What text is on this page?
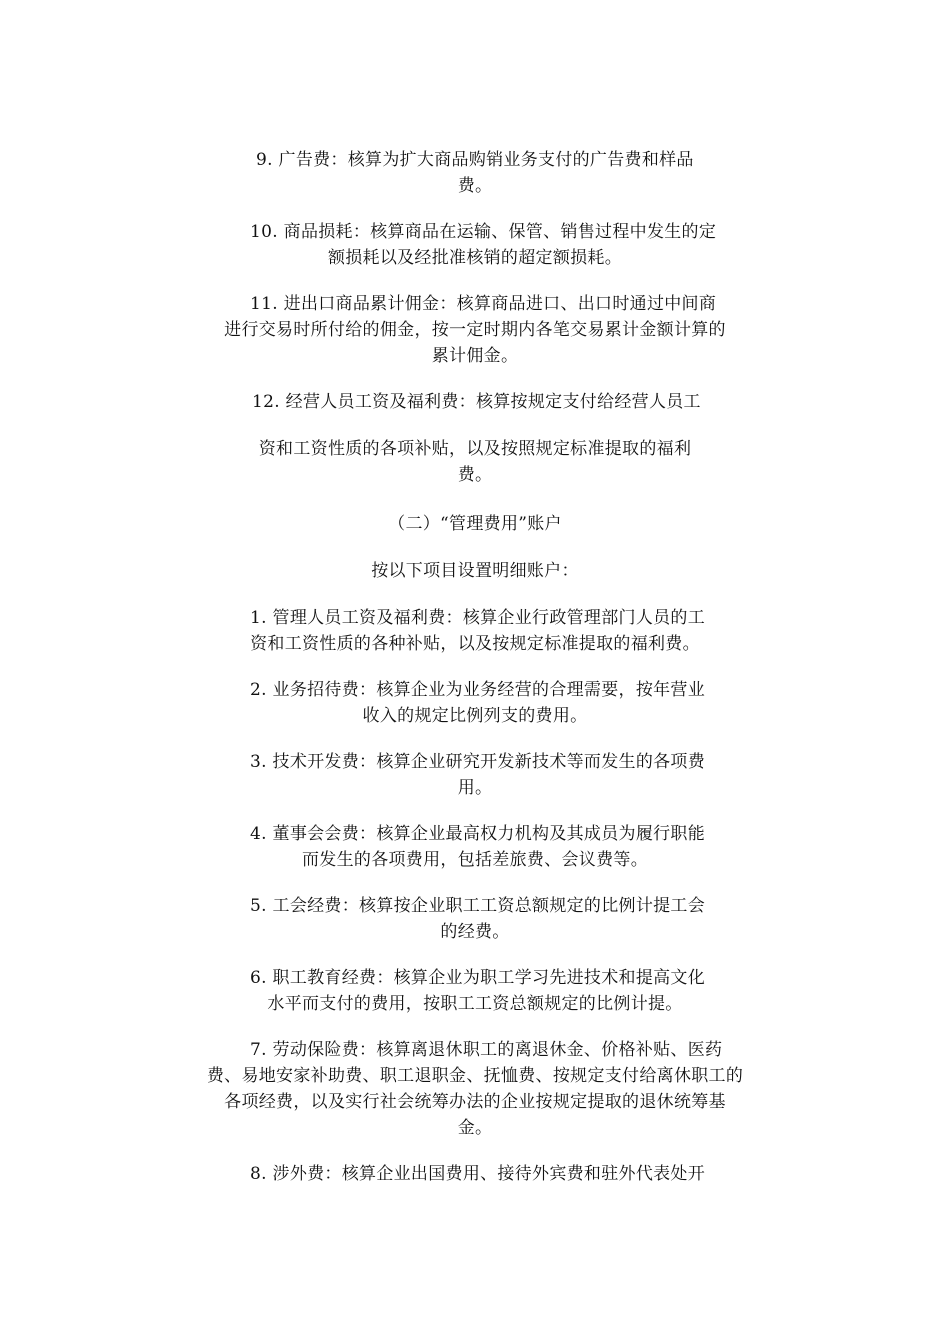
9. 广告费：核算为扩大商品购销业务支付的广告费和样品

费。

10. 商品损耗：核算商品在运输、保管、销售过程中发生的定

额损耗以及经批准核销的超定额损耗。

11. 进出口商品累计佣金：核算商品进口、出口时通过中间商

进行交易时所付给的佣金，按一定时期内各笔交易累计金额计算的

累计佣金。

12. 经营人员工资及福利费：核算按规定支付给经营人员工

资和工资性质的各项补贴，以及按照规定标准提取的福利

费。

（二）“管理费用”账户

按以下项目设置明细账户：

1. 管理人员工资及福利费：核算企业行政管理部门人员的工

资和工资性质的各种补贴，以及按规定标准提取的福利费。

2. 业务招待费：核算企业为业务经营的合理需要，按年营业

收入的规定比例列支的费用。

3. 技术开发费：核算企业研究开发新技术等而发生的各项费

用。

4. 董事会会费：核算企业最高权力机构及其成员为履行职能

而发生的各项费用，包括差旅费、会议费等。

5. 工会经费：核算按企业职工工资总额规定的比例计提工会

的经费。

6. 职工教育经费：核算企业为职工学习先进技术和提高文化

水平而支付的费用，按职工工资总额规定的比例计提。

7. 劳动保险费：核算离退休职工的离退休金、价格补贴、医药

费、易地安家补助费、职工退职金、抚恤费、按规定支付给离休职工的

各项经费，以及实行社会统筹办法的企业按规定提取的退休统筹基

金。

8. 涉外费：核算企业出国费用、接待外宾费和驻外代表处开
